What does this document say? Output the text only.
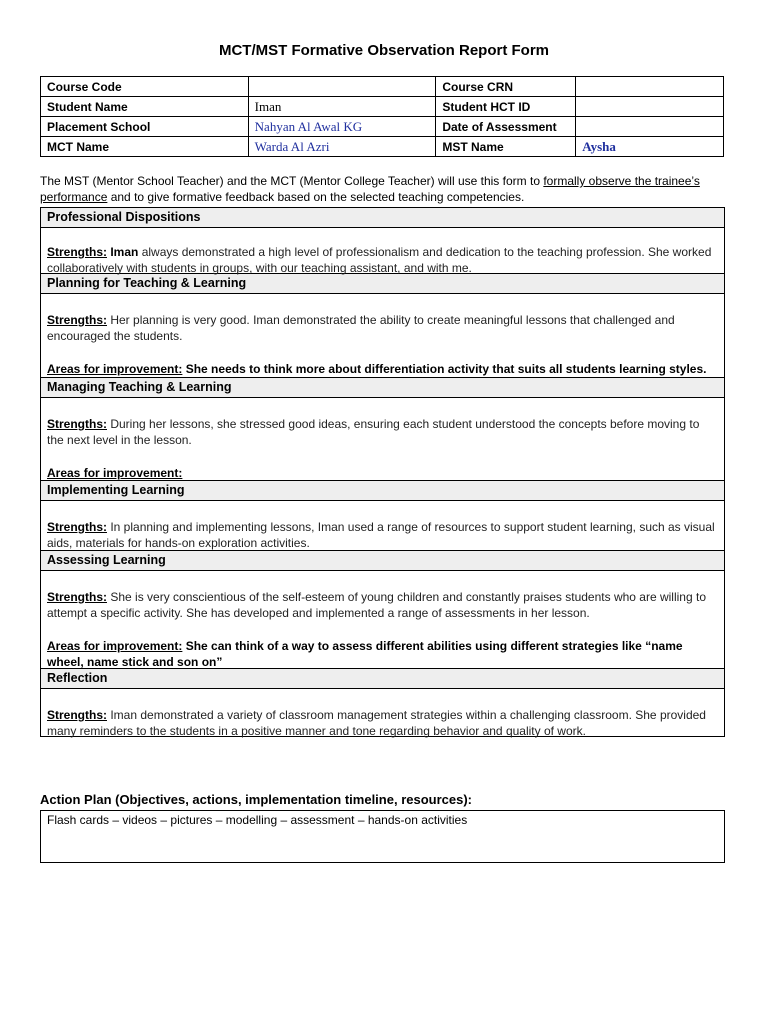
MCT/MST Formative Observation Report Form
Course Code		Course CRN	
Student Name	Iman	Student HCT ID	
Placement School	Nahyan Al Awal KG	Date of Assessment	
MCT Name	Warda Al Azri	MST Name	Aysha
The MST (Mentor School Teacher) and the MCT (Mentor College Teacher) will use this form to formally observe the trainee’s performance and to give formative feedback based on the selected teaching competencies.
Professional Dispositions
Strengths: Iman always demonstrated a high level of professionalism and dedication to the teaching profession. She worked collaboratively with students in groups, with our teaching assistant, and with me.
Planning for Teaching & Learning
Strengths: Her planning is very good. Iman demonstrated the ability to create meaningful lessons that challenged and encouraged the students.
Areas for improvement: She needs to think more about differentiation activity that suits all students learning styles.
Managing Teaching & Learning
Strengths: During her lessons, she stressed good ideas, ensuring each student understood the concepts before moving to the next level in the lesson.
Areas for improvement:
Implementing Learning
Strengths: In planning and implementing lessons, Iman used a range of resources to support student learning, such as visual aids, materials for hands-on exploration activities.
Assessing Learning
Strengths: She is very conscientious of the self-esteem of young children and constantly praises students who are willing to attempt a specific activity. She has developed and implemented a range of assessments in her lesson.
Areas for improvement: She can think of a way to assess different abilities using different strategies like “name wheel, name stick and son on”
Reflection
Strengths: Iman demonstrated a variety of classroom management strategies within a challenging classroom. She provided many reminders to the students in a positive manner and tone regarding behavior and quality of work.
Action Plan (Objectives, actions, implementation timeline, resources):
Flash cards – videos – pictures – modelling – assessment – hands-on activities
